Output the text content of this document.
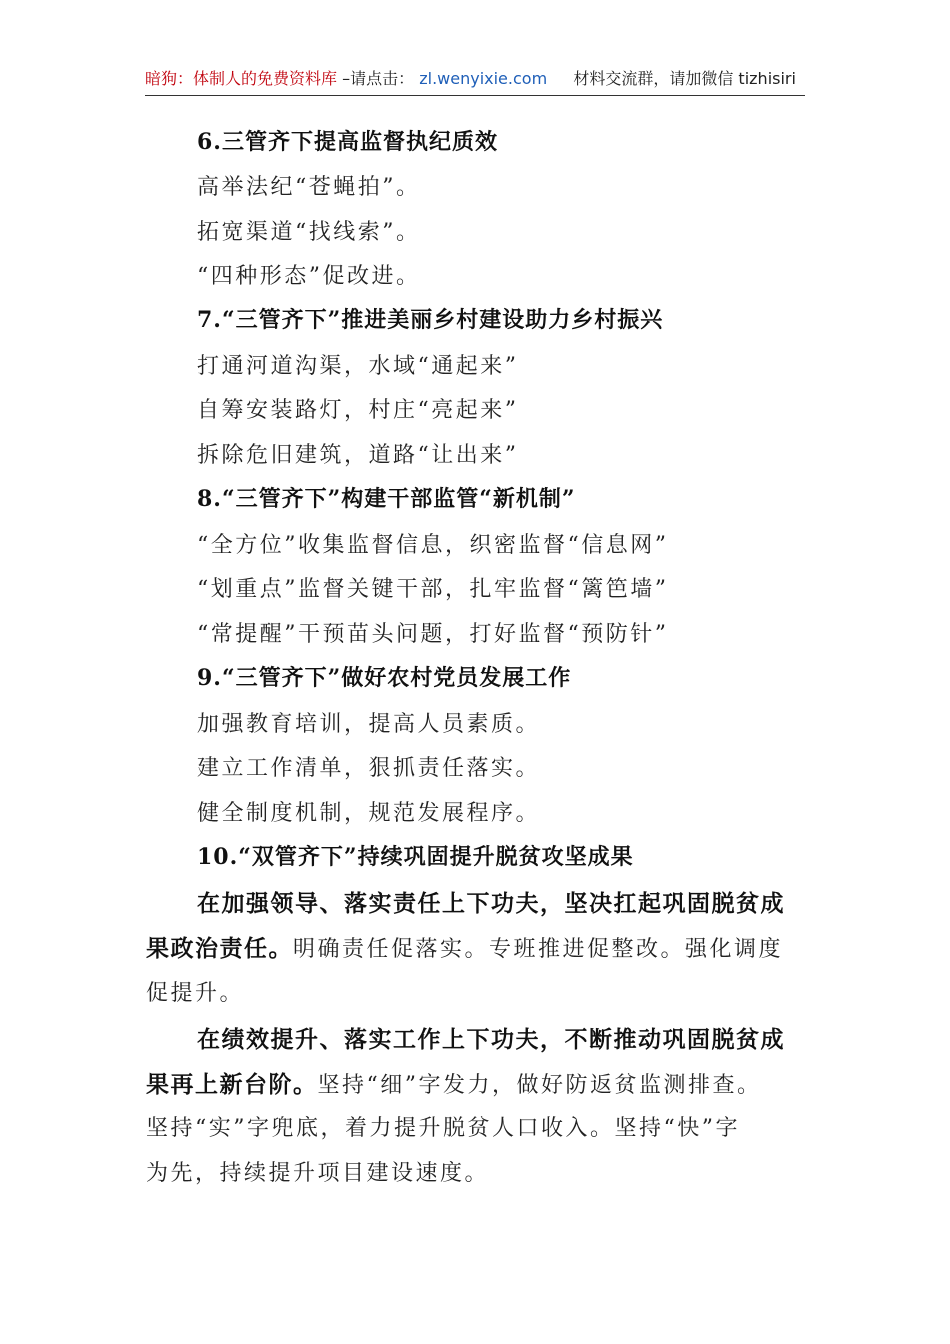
暗狗：体制人的免费资料库 –请点击： zl.wenyixie.com 材料交流群，请加微信 tizhisiri
6.三管齐下提高监督执纪质效
高举法纪“苍蝇拍”。
拓宽渠道“找线索”。
“四种形态”促改进。
7.“三管齐下”推进美丽乡村建设助力乡村振兴
打通河道沟渠，水域“通起来”
自筹安装路灯，村庄“亮起来”
拆除危旧建筑，道路“让出来”
8.“三管齐下”构建干部监管“新机制”
“全方位”收集监督信息，织密监督“信息网”
“划重点”监督关键干部，扎牢监督“篱笆墙”
“常提醒”干预苗头问题，打好监督“预防针”
9.“三管齐下”做好农村党员发展工作
加强教育培训，提高人员素质。
建立工作清单，狠抓责任落实。
健全制度机制，规范发展程序。
10.“双管齐下”持续巩固提升脱贫攻坚成果
在加强领导、落实责任上下功夫，坚决扛起巩固脱贫成
果政治责任。明确责任促落实。专班推进促整改。强化调度
促提升。
在绩效提升、落实工作上下功夫，不断推动巩固脱贫成
果再上新台阶。坚持“细”字发力，做好防返贫监测排查。
坚持“实”字兜底，着力提升脱贫人口收入。坚持“快”字
为先，持续提升项目建设速度。
